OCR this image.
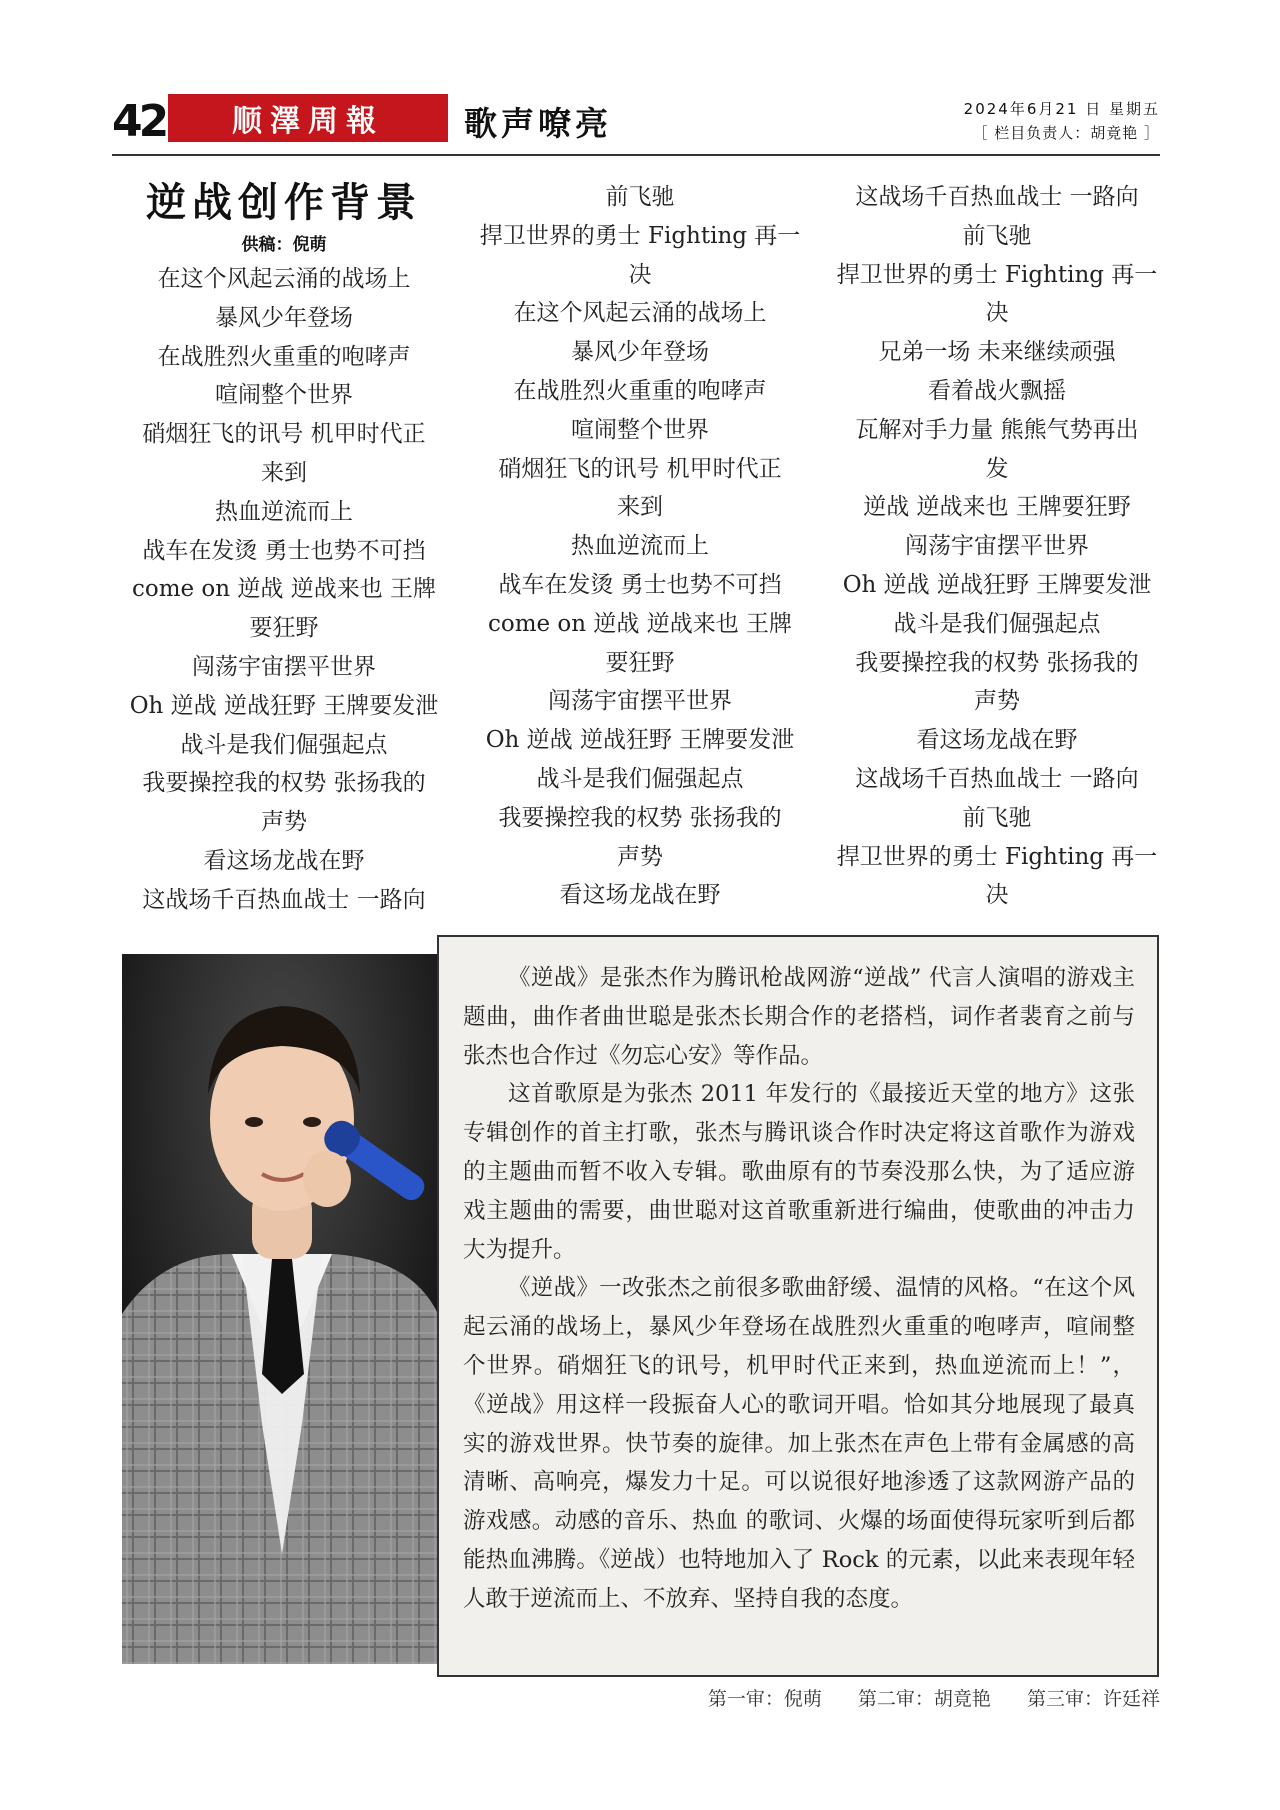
42	顺澤周報	歌声嘹亮	2024年6月21 日 星期五
［ 栏目负责人：胡竟艳 ］
逆战创作背景
供稿：倪萌
在这个风起云涌的战场上
暴风少年登场
在战胜烈火重重的咆哮声
喧闹整个世界
硝烟狂飞的讯号 机甲时代正
来到
热血逆流而上
战车在发烫 勇士也势不可挡
come on 逆战 逆战来也 王牌
要狂野
闯荡宇宙摆平世界
Oh 逆战 逆战狂野 王牌要发泄
战斗是我们倔强起点
我要操控我的权势 张扬我的
声势
看这场龙战在野
这战场千百热血战士 一路向
前飞驰
捍卫世界的勇士 Fighting 再一
决
在这个风起云涌的战场上
暴风少年登场
在战胜烈火重重的咆哮声
喧闹整个世界
硝烟狂飞的讯号 机甲时代正
来到
热血逆流而上
战车在发烫 勇士也势不可挡
come on 逆战 逆战来也 王牌
要狂野
闯荡宇宙摆平世界
Oh 逆战 逆战狂野 王牌要发泄
战斗是我们倔强起点
我要操控我的权势 张扬我的
声势
看这场龙战在野
这战场千百热血战士 一路向
前飞驰
捍卫世界的勇士 Fighting 再一
决
兄弟一场 未来继续顽强
看着战火飘摇
瓦解对手力量 熊熊气势再出
发
逆战 逆战来也 王牌要狂野
闯荡宇宙摆平世界
Oh 逆战 逆战狂野 王牌要发泄
战斗是我们倔强起点
我要操控我的权势 张扬我的
声势
看这场龙战在野
这战场千百热血战士 一路向
前飞驰
捍卫世界的勇士 Fighting 再一
决

《逆战》是张杰作为腾讯枪战网游“逆战” 代言人演唱的游戏主题曲，曲作者曲世聪是张杰长期合作的老搭档，词作者裴育之前与张杰也合作过《勿忘心安》等作品。

这首歌原是为张杰 2011 年发行的《最接近天堂的地方》这张专辑创作的首主打歌，张杰与腾讯谈合作时决定将这首歌作为游戏的主题曲而暂不收入专辑。歌曲原有的节奏没那么快，为了适应游戏主题曲的需要，曲世聪对这首歌重新进行编曲，使歌曲的冲击力大为提升。

《逆战》一改张杰之前很多歌曲舒缓、温情的风格。“在这个风起云涌的战场上，暴风少年登场在战胜烈火重重的咆哮声，喧闹整个世界。硝烟狂飞的讯号，机甲时代正来到，热血逆流而上！”，《逆战》用这样一段振奋人心的歌词开唱。恰如其分地展现了最真实的游戏世界。快节奏的旋律。加上张杰在声色上带有金属感的高清晰、高响亮，爆发力十足。可以说很好地渗透了这款网游产品的游戏感。动感的音乐、热血 的歌词、火爆的场面使得玩家听到后都能热血沸腾。《逆战）也特地加入了 Rock 的元素，以此来表现年轻人敢于逆流而上、不放弃、坚持自我的态度。

第一审：倪萌 第二审：胡竟艳 第三审：许廷祥
